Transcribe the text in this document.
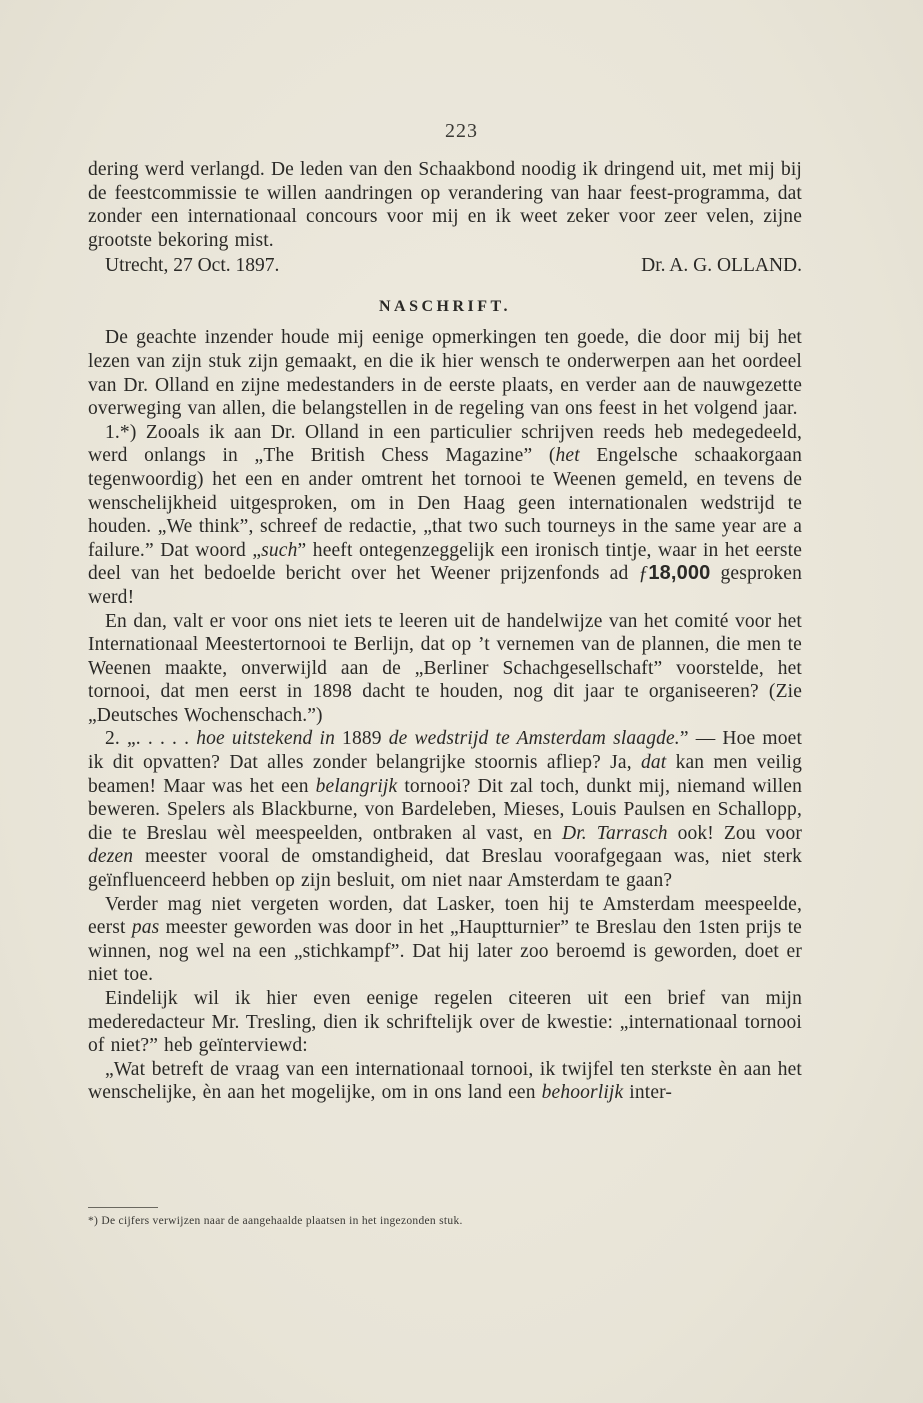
223

dering werd verlangd. De leden van den Schaakbond noodig ik dringend uit, met mij bij de feestcommissie te willen aandringen op verandering van haar feest-programma, dat zonder een internationaal concours voor mij en ik weet zeker voor zeer velen, zijne grootste bekoring mist.

Utrecht, 27 Oct. 1897.	Dr. A. G. OLLAND.
NASCHRIFT.

De geachte inzender houde mij eenige opmerkingen ten goede, die door mij bij het lezen van zijn stuk zijn gemaakt, en die ik hier wensch te onderwerpen aan het oordeel van Dr. Olland en zijne medestanders in de eerste plaats, en verder aan de nauwgezette overweging van allen, die belangstellen in de regeling van ons feest in het volgend jaar.

1.*) Zooals ik aan Dr. Olland in een particulier schrijven reeds heb medegedeeld, werd onlangs in „The British Chess Magazine” (het Engelsche schaakorgaan tegenwoordig) het een en ander omtrent het tornooi te Weenen gemeld, en tevens de wenschelijkheid uitgesproken, om in Den Haag geen internationalen wedstrijd te houden. „We think”, schreef de redactie, „that two such tourneys in the same year are a failure.” Dat woord „such” heeft ontegenzeggelijk een ironisch tintje, waar in het eerste deel van het bedoelde bericht over het Weener prijzenfonds ad ƒ18,000 gesproken werd!

En dan, valt er voor ons niet iets te leeren uit de handelwijze van het comité voor het Internationaal Meestertornooi te Berlijn, dat op ’t vernemen van de plannen, die men te Weenen maakte, onverwijld aan de „Berliner Schachgesellschaft” voorstelde, het tornooi, dat men eerst in 1898 dacht te houden, nog dit jaar te organiseeren? (Zie „Deutsches Wochenschach.”)

2. „. . . . . hoe uitstekend in 1889 de wedstrijd te Amsterdam slaagde.” — Hoe moet ik dit opvatten? Dat alles zonder belangrijke stoornis afliep? Ja, dat kan men veilig beamen! Maar was het een belangrijk tornooi? Dit zal toch, dunkt mij, niemand willen beweren. Spelers als Blackburne, von Bardeleben, Mieses, Louis Paulsen en Schallopp, die te Breslau wèl meespeelden, ontbraken al vast, en Dr. Tarrasch ook! Zou voor dezen meester vooral de omstandigheid, dat Breslau voorafgegaan was, niet sterk geïnfluenceerd hebben op zijn besluit, om niet naar Amsterdam te gaan?

Verder mag niet vergeten worden, dat Lasker, toen hij te Amsterdam meespeelde, eerst pas meester geworden was door in het „Hauptturnier” te Breslau den 1sten prijs te winnen, nog wel na een „stichkampf”. Dat hij later zoo beroemd is geworden, doet er niet toe.

Eindelijk wil ik hier even eenige regelen citeeren uit een brief van mijn mederedacteur Mr. Tresling, dien ik schriftelijk over de kwestie: „internationaal tornooi of niet?” heb geïnterviewd:

„Wat betreft de vraag van een internationaal tornooi, ik twijfel ten sterkste èn aan het wenschelijke, èn aan het mogelijke, om in ons land een behoorlijk inter-

*) De cijfers verwijzen naar de aangehaalde plaatsen in het ingezonden stuk.
